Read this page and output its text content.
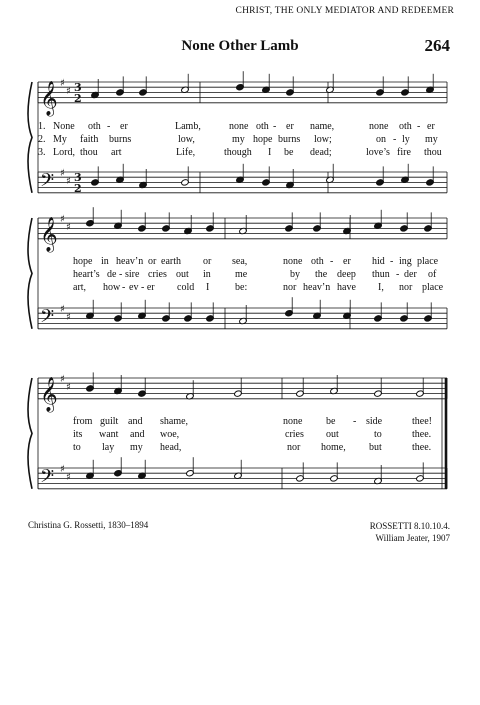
CHRIST, THE ONLY MEDIATOR AND REDEEMER
None Other Lamb	264
𝄞 ♯
♯ 3
2
𝄢 ♯
♯ 3
2
𝄞 ♯
♯
𝄢 ♯
♯
𝄞 ♯
♯
𝄢 ♯
♯
1. None oth - er	Lamb,	none oth - er name,	none oth - er
2. My faith burns	low,	my hope burns low;	on - ly my
3. Lord, thou art	Life,	though I be dead;	love’s fire thou
hope in heav’n or earth or sea,	none oth - er hid - ing place
heart’s de - sire cries out in me	by the deep thun - der of
art, how - ev - er cold I	be:	nor heav’n have I, nor place
from guilt and shame,	none be - side	thee!
its want and woe,	cries out	to	thee.
to lay my head,	nor home, but	thee.
Christina G. Rossetti, 1830–1894	ROSSETTI 8.10.10.4.
William Jeater, 1907
